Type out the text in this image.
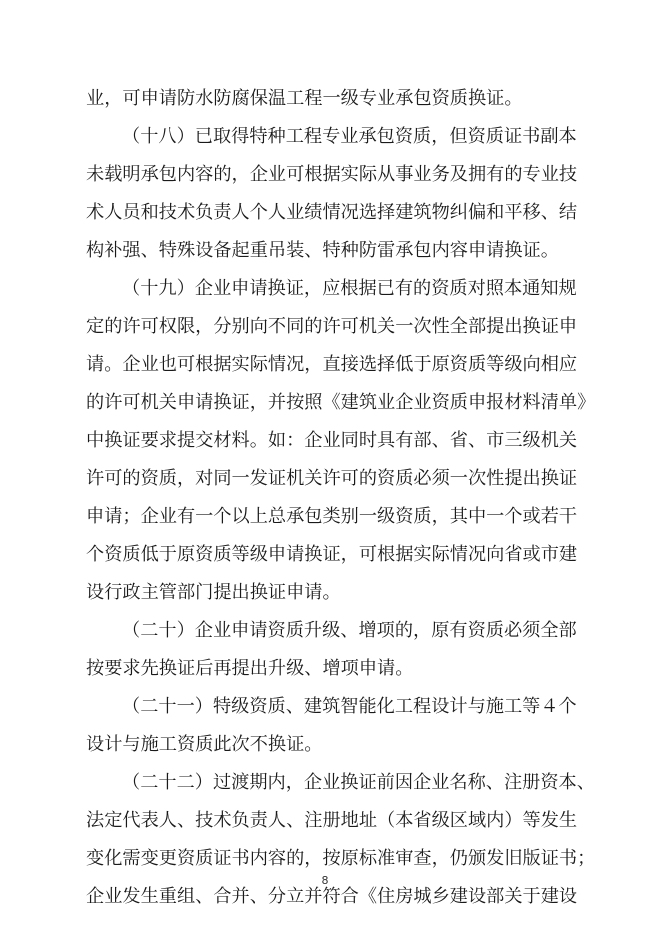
业，可申请防水防腐保温工程一级专业承包资质换证。
（十八）已取得特种工程专业承包资质，但资质证书副本
未载明承包内容的，企业可根据实际从事业务及拥有的专业技
术人员和技术负责人个人业绩情况选择建筑物纠偏和平移、结
构补强、特殊设备起重吊装、特种防雷承包内容申请换证。
（十九）企业申请换证，应根据已有的资质对照本通知规
定的许可权限，分别向不同的许可机关一次性全部提出换证申
请。企业也可根据实际情况，直接选择低于原资质等级向相应
的许可机关申请换证，并按照《建筑业企业资质申报材料清单》
中换证要求提交材料。如：企业同时具有部、省、市三级机关
许可的资质，对同一发证机关许可的资质必须一次性提出换证
申请；企业有一个以上总承包类别一级资质，其中一个或若干
个资质低于原资质等级申请换证，可根据实际情况向省或市建
设行政主管部门提出换证申请。
（二十）企业申请资质升级、增项的，原有资质必须全部
按要求先换证后再提出升级、增项申请。
（二十一）特级资质、建筑智能化工程设计与施工等４个
设计与施工资质此次不换证。
（二十二）过渡期内，企业换证前因企业名称、注册资本、
法定代表人、技术负责人、注册地址（本省级区域内）等发生
变化需变更资质证书内容的，按原标准审查，仍颁发旧版证书；
企业发生重组、合并、分立并符合《住房城乡建设部关于建设
8
